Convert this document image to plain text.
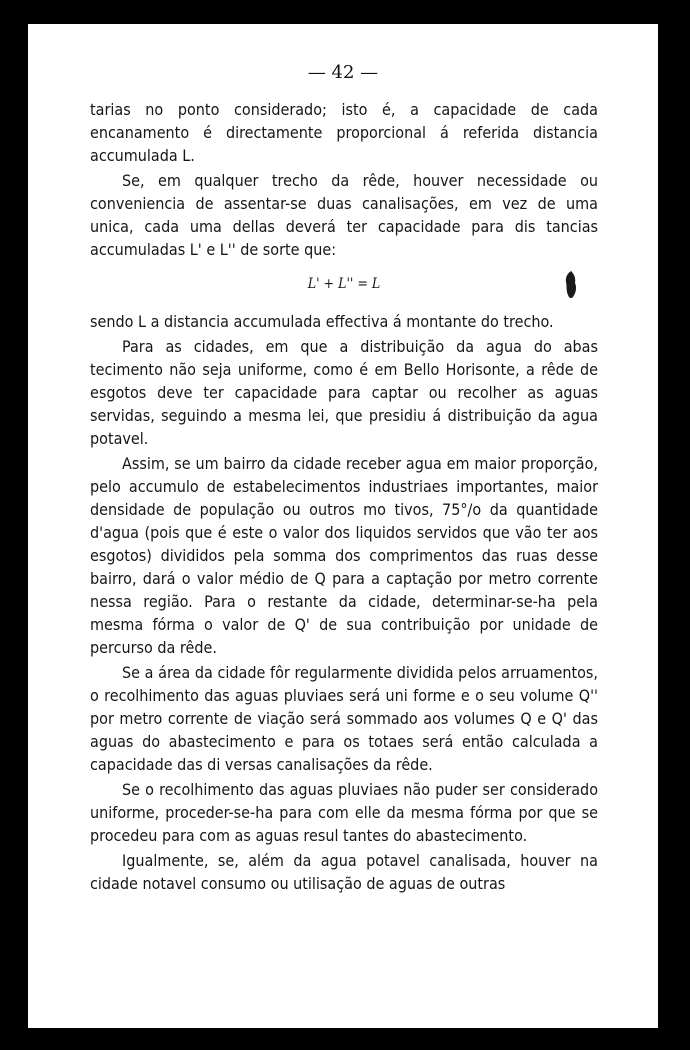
— 42 —

tarias no ponto considerado; isto é, a capacidade de cada encanamento é directamente proporcional á referida distancia accumulada L.

Se, em qualquer trecho da rêde, houver necessidade ou conveniencia de assentar-se duas canalisações, em vez de uma unica, cada uma dellas deverá ter capacidade para dis tancias accumuladas L' e L'' de sorte que:

L' + L'' = L

sendo L a distancia accumulada effectiva á montante do trecho.

Para as cidades, em que a distribuição da agua do abas tecimento não seja uniforme, como é em Bello Horisonte, a rêde de esgotos deve ter capacidade para captar ou recolher as aguas servidas, seguindo a mesma lei, que presidiu á distribuição da agua potavel.

Assim, se um bairro da cidade receber agua em maior proporção, pelo accumulo de estabelecimentos industriaes importantes, maior densidade de população ou outros mo tivos, 75°/o da quantidade d'agua (pois que é este o valor dos liquidos servidos que vão ter aos esgotos) divididos pela somma dos comprimentos das ruas desse bairro, dará o valor médio de Q para a captação por metro corrente nessa região. Para o restante da cidade, determinar-se-ha pela mesma fórma o valor de Q' de sua contribuição por unidade de percurso da rêde.

Se a área da cidade fôr regularmente dividida pelos arruamentos, o recolhimento das aguas pluviaes será uni forme e o seu volume Q'' por metro corrente de viação será sommado aos volumes Q e Q' das aguas do abastecimento e para os totaes será então calculada a capacidade das di versas canalisações da rêde.

Se o recolhimento das aguas pluviaes não puder ser considerado uniforme, proceder-se-ha para com elle da mesma fórma por que se procedeu para com as aguas resul tantes do abastecimento.

Igualmente, se, além da agua potavel canalisada, houver na cidade notavel consumo ou utilisação de aguas de outras
